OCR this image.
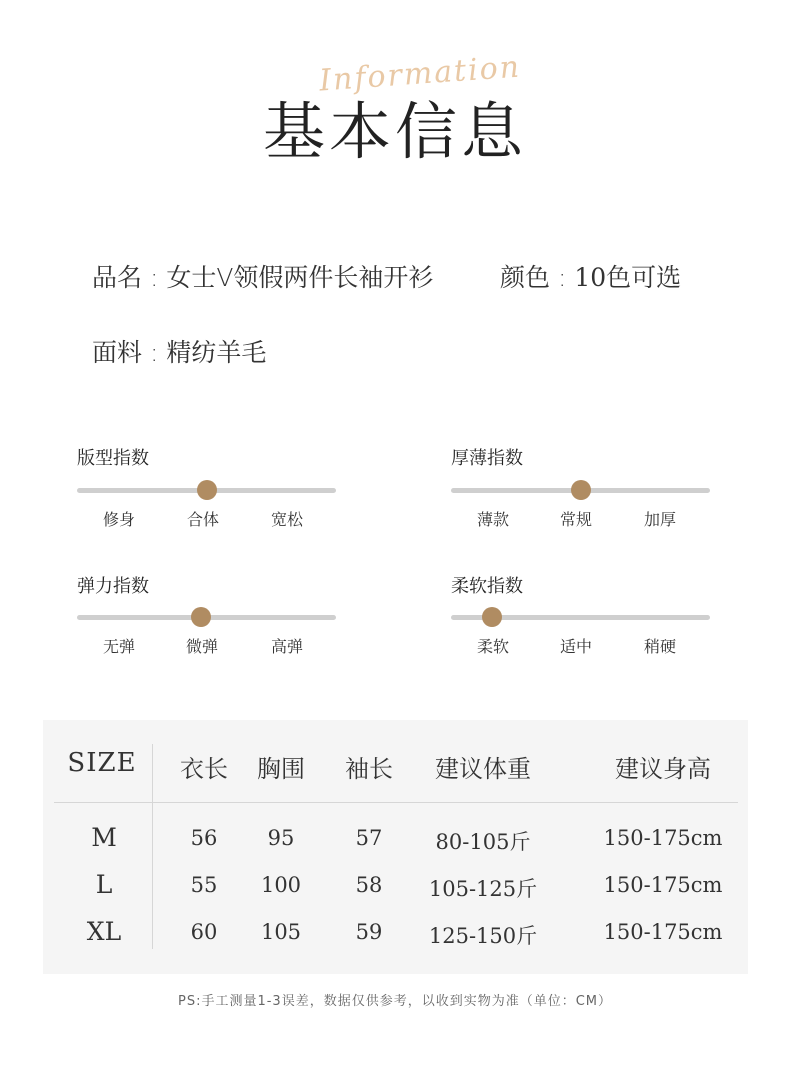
Information
基本信息
品名 : 女士V领假两件长袖开衫	颜色 : 10色可选
面料 : 精纺羊毛
版型指数
修身	合体	宽松
厚薄指数
薄款	常规	加厚
弹力指数
无弹	微弹	高弹
柔软指数
柔软	适中	稍硬
SIZE	衣长	胸围	袖长	建议体重	建议身高
M	56	95	57	80-105斤	150-175cm
L	55	100	58	105-125斤	150-175cm
XL	60	105	59	125-150斤	150-175cm
PS:手工测量1-3误差，数据仅供参考，以收到实物为准（单位：CM）
